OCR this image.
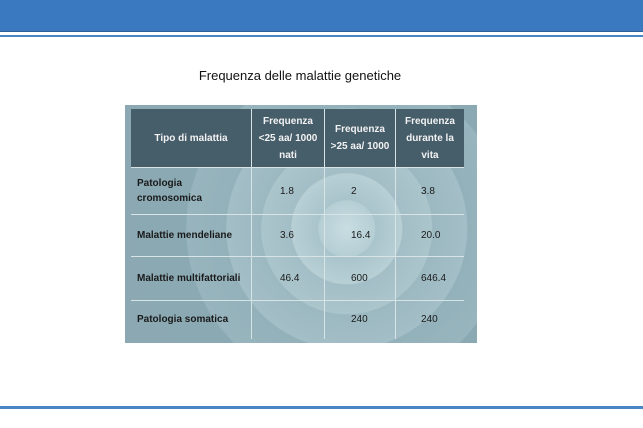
Frequenza delle malattie genetiche
Tipo di malattia	Frequenza <25 aa/ 1000 nati	Frequenza >25 aa/ 1000	Frequenza durante la vita
Patologia cromosomica	1.8	2	3.8
Malattie mendeliane	3.6	16.4	20.0
Malattie multifattoriali	46.4	600	646.4
Patologia somatica		240	240
